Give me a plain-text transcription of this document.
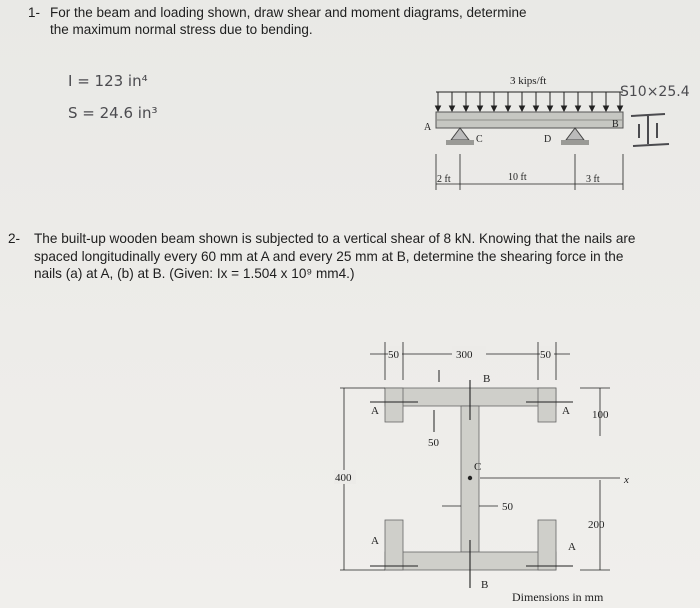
1- For the beam and loading shown, draw shear and moment diagrams, determine
the maximum normal stress due to bending.
I = 123 in⁴
S = 24.6 in³
S10×25.4
3 kips/ft
A	B
C	D
2 ft	10 ft	3 ft
2- The built-up wooden beam shown is subjected to a vertical shear of 8 kN. Knowing that the nails are spaced longitudinally every 60 mm at A and every 25 mm at B, determine the shearing force in the nails (a) at A, (b) at B. (Given: Ix = 1.504 x 10⁹ mm4.)
50	300	50
B
A	A
A	A
400
100
50
C
x
50
200
B
Dimensions in mm
